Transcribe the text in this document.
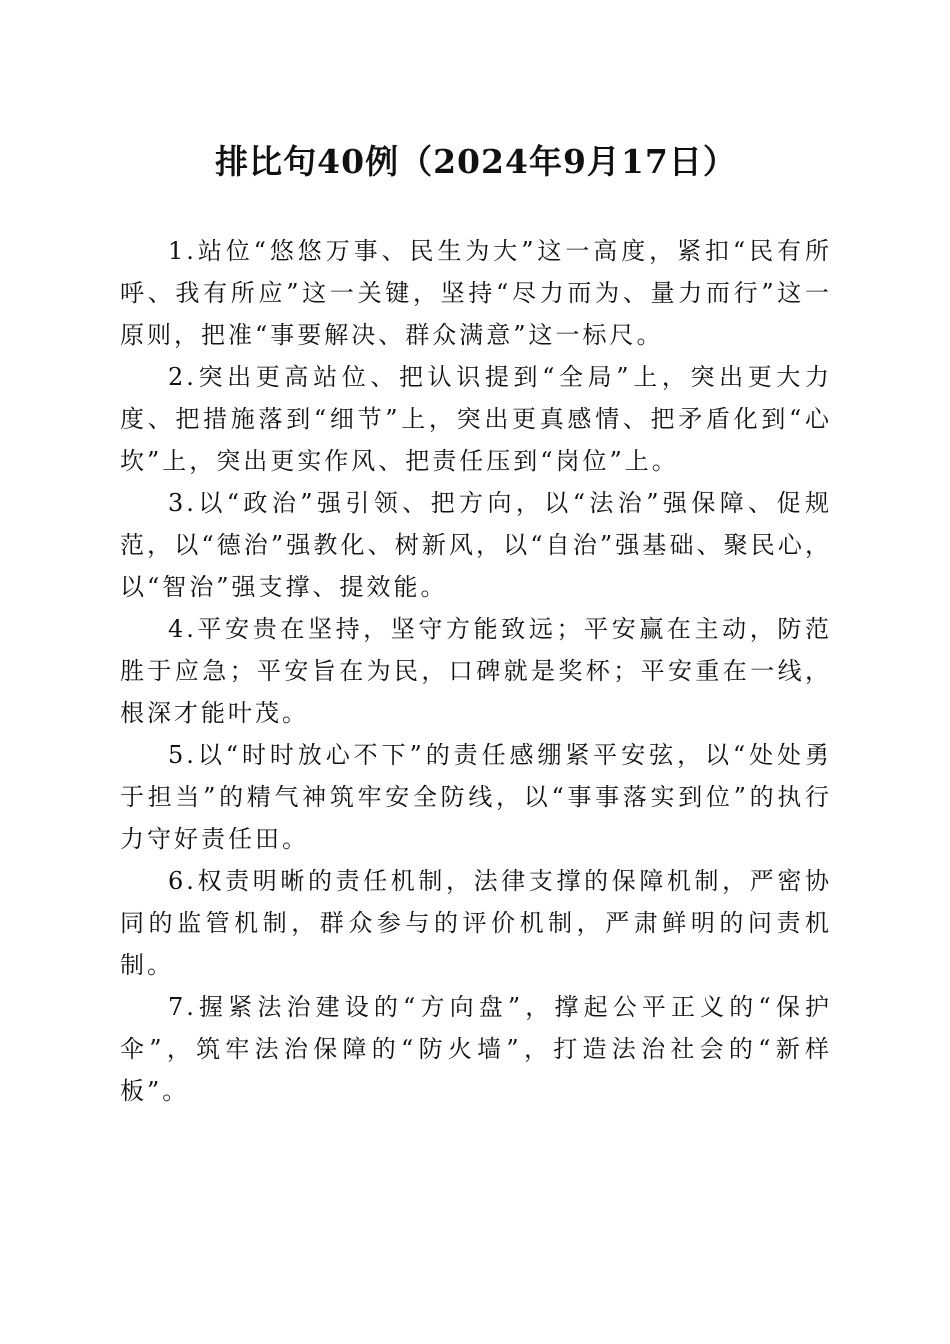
排比句40例（2024年9月17日）

1.站位“悠悠万事、民生为大”这一高度，紧扣“民有所呼、我有所应”这一关键，坚持“尽力而为、量力而行”这一原则，把准“事要解决、群众满意”这一标尺。

2.突出更高站位、把认识提到“全局”上，突出更大力度、把措施落到“细节”上，突出更真感情、把矛盾化到“心坎”上，突出更实作风、把责任压到“岗位”上。

3.以“政治”强引领、把方向，以“法治”强保障、促规范，以“德治”强教化、树新风，以“自治”强基础、聚民心，以“智治”强支撑、提效能。

4.平安贵在坚持，坚守方能致远；平安赢在主动，防范胜于应急；平安旨在为民，口碑就是奖杯；平安重在一线，根深才能叶茂。

5.以“时时放心不下”的责任感绷紧平安弦，以“处处勇于担当”的精气神筑牢安全防线，以“事事落实到位”的执行力守好责任田。

6.权责明晰的责任机制，法律支撑的保障机制，严密协同的监管机制，群众参与的评价机制，严肃鲜明的问责机制。

7.握紧法治建设的“方向盘”，撑起公平正义的“保护伞”，筑牢法治保障的“防火墙”，打造法治社会的“新样板”。
